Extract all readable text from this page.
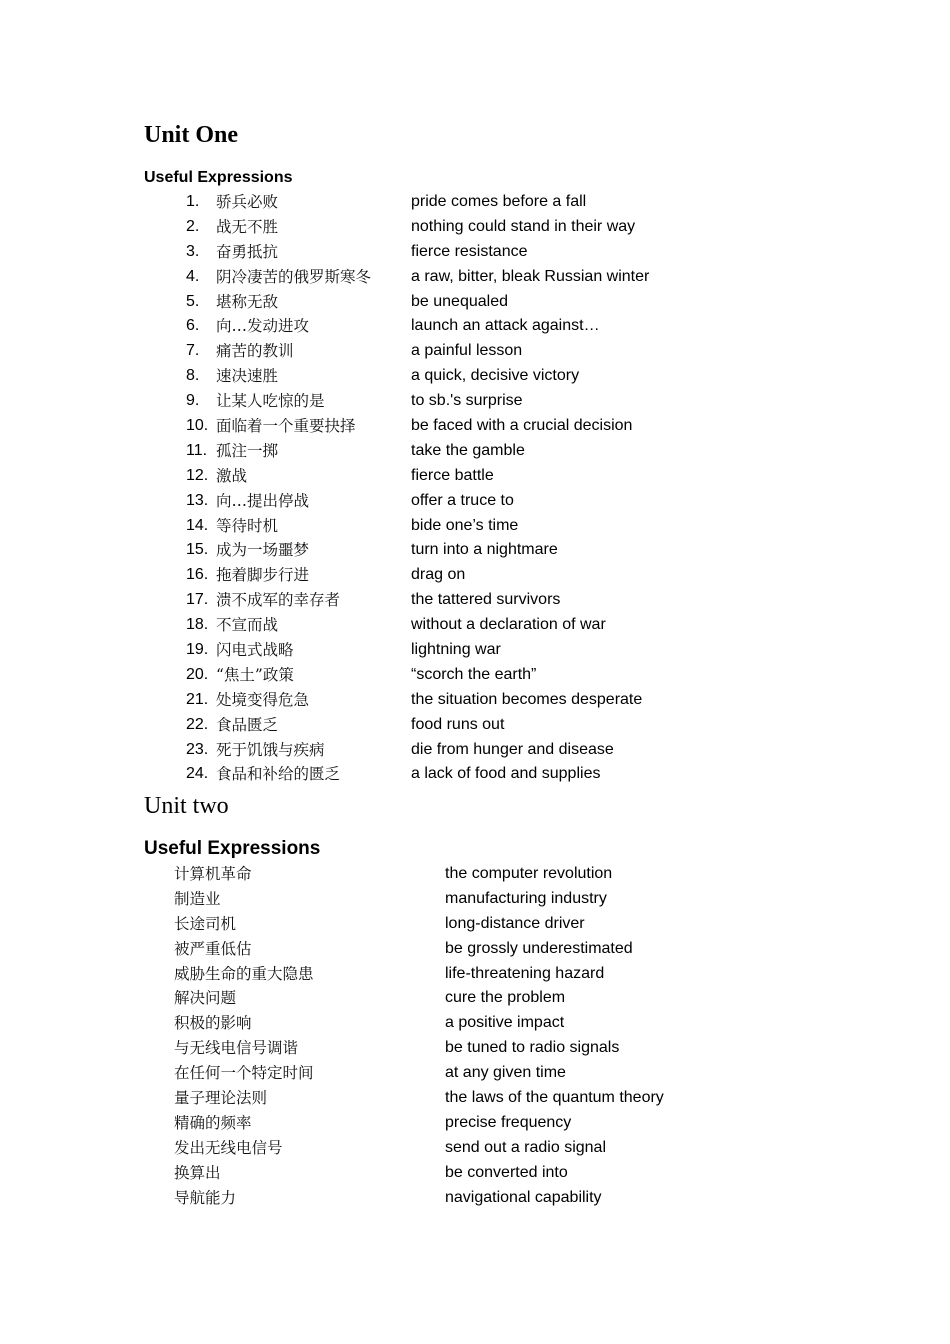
Unit One
Useful Expressions
1. 骄兵必败	pride comes before a fall
2. 战无不胜	nothing could stand in their way
3. 奋勇抵抗	fierce resistance
4. 阴冷凄苦的俄罗斯寒冬 a raw, bitter, bleak Russian winter
5. 堪称无敌	be unequaled
6. 向…发动进攻	launch an attack against…
7. 痛苦的教训	a painful lesson
8. 速决速胜	a quick, decisive victory
9. 让某人吃惊的是	to sb.'s surprise
10. 面临着一个重要抉择	be faced with a crucial decision
11. 孤注一掷	take the gamble
12. 激战	fierce battle
13. 向…提出停战	offer a truce to
14. 等待时机	bide one’s time
15. 成为一场噩梦	turn into a nightmare
16. 拖着脚步行进	drag on
17. 溃不成军的幸存者	the tattered survivors
18. 不宣而战	without a declaration of war
19. 闪电式战略	lightning war
20. “焦土”政策	“scorch the earth”
21. 处境变得危急	the situation becomes desperate
22. 食品匮乏	food runs out
23. 死于饥饿与疾病	die from hunger and disease
24. 食品和补给的匮乏	a lack of food and supplies
Unit two
Useful Expressions
计算机革命	the computer revolution
制造业	manufacturing industry
长途司机	long-distance driver
被严重低估	be grossly underestimated
威胁生命的重大隐患	life-threatening hazard
解决问题	cure the problem
积极的影响	a positive impact
与无线电信号调谐	be tuned to radio signals
在任何一个特定时间	at any given time
量子理论法则	the laws of the quantum theory
精确的频率	precise frequency
发出无线电信号	send out a radio signal
换算出	be converted into
导航能力	navigational capability
